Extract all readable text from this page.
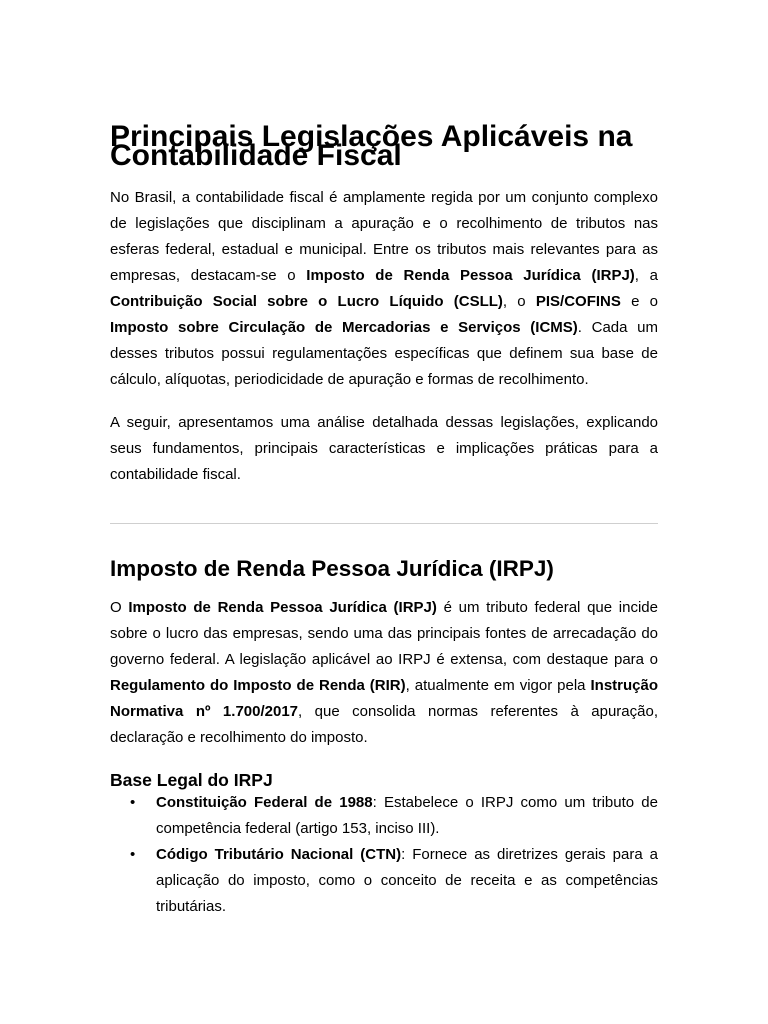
Principais Legislações Aplicáveis na Contabilidade Fiscal

No Brasil, a contabilidade fiscal é amplamente regida por um conjunto complexo de legislações que disciplinam a apuração e o recolhimento de tributos nas esferas federal, estadual e municipal. Entre os tributos mais relevantes para as empresas, destacam-se o Imposto de Renda Pessoa Jurídica (IRPJ), a Contribuição Social sobre o Lucro Líquido (CSLL), o PIS/COFINS e o Imposto sobre Circulação de Mercadorias e Serviços (ICMS). Cada um desses tributos possui regulamentações específicas que definem sua base de cálculo, alíquotas, periodicidade de apuração e formas de recolhimento.

A seguir, apresentamos uma análise detalhada dessas legislações, explicando seus fundamentos, principais características e implicações práticas para a contabilidade fiscal.

Imposto de Renda Pessoa Jurídica (IRPJ)

O Imposto de Renda Pessoa Jurídica (IRPJ) é um tributo federal que incide sobre o lucro das empresas, sendo uma das principais fontes de arrecadação do governo federal. A legislação aplicável ao IRPJ é extensa, com destaque para o Regulamento do Imposto de Renda (RIR), atualmente em vigor pela Instrução Normativa nº 1.700/2017, que consolida normas referentes à apuração, declaração e recolhimento do imposto.

Base Legal do IRPJ
• Constituição Federal de 1988: Estabelece o IRPJ como um tributo de competência federal (artigo 153, inciso III).
• Código Tributário Nacional (CTN): Fornece as diretrizes gerais para a aplicação do imposto, como o conceito de receita e as competências tributárias.
